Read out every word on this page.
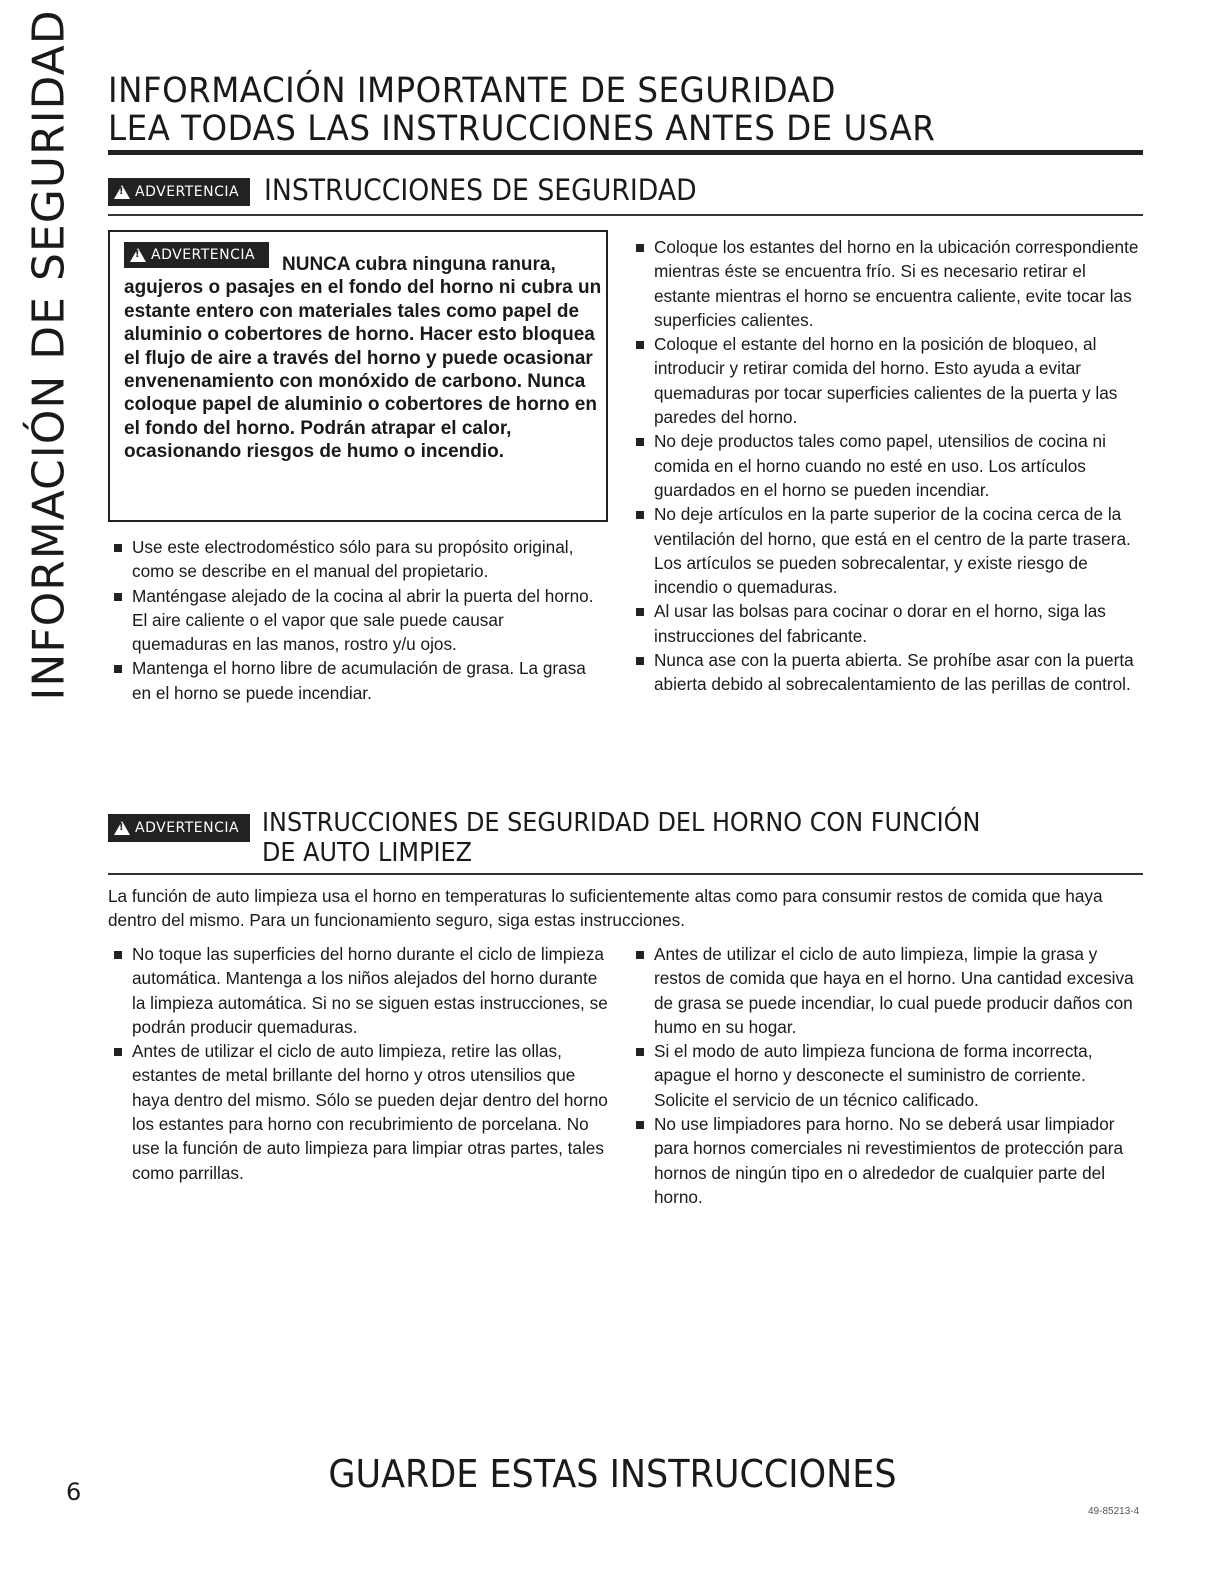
INFORMACIÓN DE SEGURIDAD INFORMACIÓN IMPORTANTE DE SEGURIDAD
LEA TODAS LAS INSTRUCCIONES ANTES DE USAR
!
ADVERTENCIA INSTRUCCIONES DE SEGURIDAD
!
ADVERTENCIA	NUNCA cubra ninguna ranura, agujeros o pasajes en el fondo del horno ni cubra un estante entero con materiales tales como papel de aluminio o cobertores de horno. Hacer esto bloquea el flujo de aire a través del horno y puede ocasionar envenenamiento con monóxido de carbono. Nunca coloque papel de aluminio o cobertores de horno en el fondo del horno. Podrán atrapar el calor, ocasionando riesgos de humo o incendio.
Use este electrodoméstico sólo para su propósito original, como se describe en el manual del propietario.
Manténgase alejado de la cocina al abrir la puerta del horno. El aire caliente o el vapor que sale puede causar quemaduras en las manos, rostro y/u ojos.
Mantenga el horno libre de acumulación de grasa. La grasa en el horno se puede incendiar.
Coloque los estantes del horno en la ubicación correspondiente mientras éste se encuentra frío. Si es necesario retirar el estante mientras el horno se encuentra caliente, evite tocar las superficies calientes.
Coloque el estante del horno en la posición de bloqueo, al introducir y retirar comida del horno. Esto ayuda a evitar quemaduras por tocar superficies calientes de la puerta y las paredes del horno.
No deje productos tales como papel, utensilios de cocina ni comida en el horno cuando no esté en uso. Los artículos guardados en el horno se pueden incendiar.
No deje artículos en la parte superior de la cocina cerca de la ventilación del horno, que está en el centro de la parte trasera. Los artículos se pueden sobrecalentar, y existe riesgo de incendio o quemaduras.
Al usar las bolsas para cocinar o dorar en el horno, siga las instrucciones del fabricante.
Nunca ase con la puerta abierta. Se prohíbe asar con la puerta abierta debido al sobrecalentamiento de las perillas de control.
!
ADVERTENCIA INSTRUCCIONES DE SEGURIDAD DEL HORNO CON FUNCIÓN
DE AUTO LIMPIEZ
La función de auto limpieza usa el horno en temperaturas lo suficientemente altas como para consumir restos de comida que haya dentro del mismo. Para un funcionamiento seguro, siga estas instrucciones.
No toque las superficies del horno durante el ciclo de limpieza automática. Mantenga a los niños alejados del horno durante la limpieza automática. Si no se siguen estas instrucciones, se podrán producir quemaduras.
Antes de utilizar el ciclo de auto limpieza, retire las ollas, estantes de metal brillante del horno y otros utensilios que haya dentro del mismo. Sólo se pueden dejar dentro del horno los estantes para horno con recubrimiento de porcelana. No use la función de auto limpieza para limpiar otras partes, tales como parrillas.
Antes de utilizar el ciclo de auto limpieza, limpie la grasa y restos de comida que haya en el horno. Una cantidad excesiva de grasa se puede incendiar, lo cual puede producir daños con humo en su hogar.
Si el modo de auto limpieza funciona de forma incorrecta, apague el horno y desconecte el suministro de corriente. Solicite el servicio de un técnico calificado.
No use limpiadores para horno. No se deberá usar limpiador para hornos comerciales ni revestimientos de protección para hornos de ningún tipo en o alrededor de cualquier parte del horno.
GUARDE ESTAS INSTRUCCIONES
6
49-85213-4
